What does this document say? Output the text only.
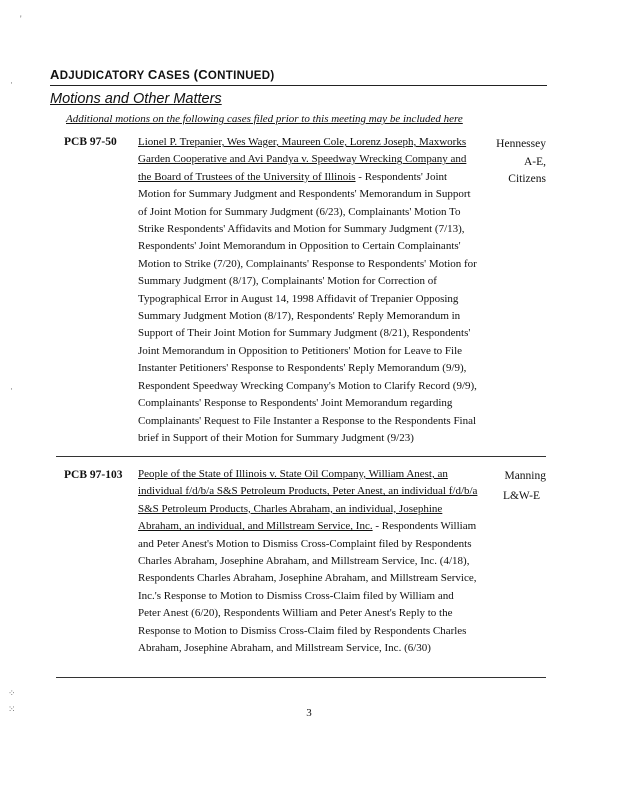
ADJUDICATORY CASES (CONTINUED)
Motions and Other Matters
Additional motions on the following cases filed prior to this meeting may be included here
PCB 97-50 Lionel P. Trepanier, Wes Wager, Maureen Cole, Lorenz Joseph, Maxworks Garden Cooperative and Avi Pandya v. Speedway Wrecking Company and the Board of Trustees of the University of Illinois - Respondents' Joint Motion for Summary Judgment and Respondents' Memorandum in Support of Joint Motion for Summary Judgment (6/23), Complainants' Motion To Strike Respondents' Affidavits and Motion for Summary Judgment (7/13), Respondents' Joint Memorandum in Opposition to Certain Complainants' Motion to Strike (7/20), Complainants' Response to Respondents' Motion for Summary Judgment (8/17), Complainants' Motion for Correction of Typographical Error in August 14, 1998 Affidavit of Trepanier Opposing Summary Judgment Motion (8/17), Respondents' Reply Memorandum in Support of Their Joint Motion for Summary Judgment (8/21), Respondents' Joint Memorandum in Opposition to Petitioners' Motion for Leave to File Instanter Petitioners' Response to Respondents' Reply Memorandum (9/9), Respondent Speedway Wrecking Company's Motion to Clarify Record (9/9), Complainants' Response to Respondents' Joint Memorandum regarding Complainants' Request to File Instanter a Response to the Respondents Final brief in Support of their Motion for Summary Judgment (9/23)
Hennessey
A-E, Citizens
PCB 97-103 People of the State of Illinois v. State Oil Company, William Anest, an individual f/d/b/a S&S Petroleum Products, Peter Anest, an individual f/d/b/a S&S Petroleum Products, Charles Abraham, an individual, Josephine Abraham, an individual, and Millstream Service, Inc. - Respondents William and Peter Anest's Motion to Dismiss Cross-Complaint filed by Respondents Charles Abraham, Josephine Abraham, and Millstream Service, Inc. (4/18), Respondents Charles Abraham, Josephine Abraham, and Millstream Service, Inc.'s Response to Motion to Dismiss Cross-Claim filed by William and Peter Anest (6/20), Respondents William and Peter Anest's Reply to the Response to Motion to Dismiss Cross-Claim filed by Respondents Charles Abraham, Josephine Abraham, and Millstream Service, Inc. (6/30)
Manning
L&W-E
3
'
·
·
⁘
⁙
